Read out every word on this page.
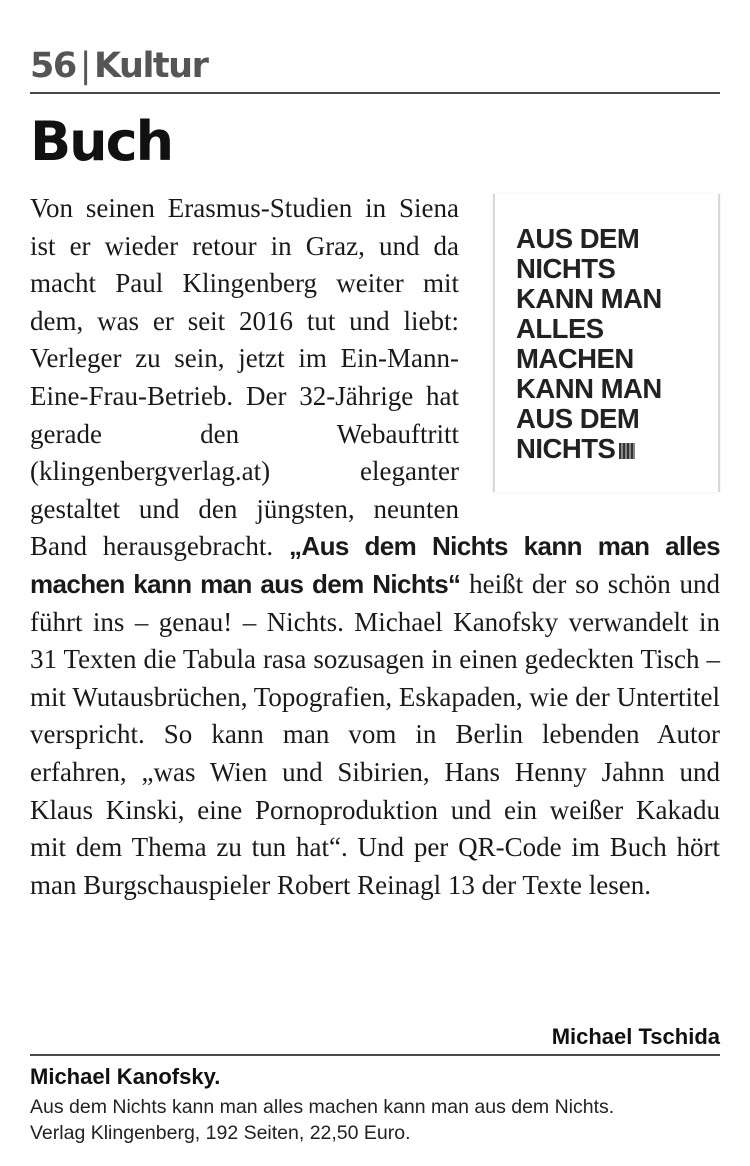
56 | Kultur
Buch
AUS DEM
NICHTS
KANN MAN
ALLES
MACHEN
KANN MAN
AUS DEM
NICHTS
Von seinen Erasmus-Studien in Siena ist er wieder retour in Graz, und da macht Paul Klingenberg weiter mit dem, was er seit 2016 tut und liebt: Verleger zu sein, jetzt im Ein-Mann-Eine-Frau-Betrieb. Der 32-Jährige hat gerade den Webauftritt (klingenbergverlag.at) eleganter gestaltet und den jüngsten, neunten Band herausgebracht. „Aus dem Nichts kann man alles machen kann man aus dem Nichts“ heißt der so schön und führt ins – genau! – Nichts. Michael Kanofsky verwandelt in 31 Texten die Tabula rasa sozusagen in einen gedeckten Tisch – mit Wutausbrüchen, Topografien, Eskapaden, wie der Untertitel verspricht. So kann man vom in Berlin lebenden Autor erfahren, „was Wien und Sibirien, Hans Henny Jahnn und Klaus Kinski, eine Pornoproduktion und ein weißer Kakadu mit dem Thema zu tun hat“. Und per QR-Code im Buch hört man Burgschauspieler Robert Reinagl 13 der Texte lesen.
Michael Tschida
Michael Kanofsky.
Aus dem Nichts kann man alles machen kann man aus dem Nichts.
Verlag Klingenberg, 192 Seiten, 22,50 Euro.
